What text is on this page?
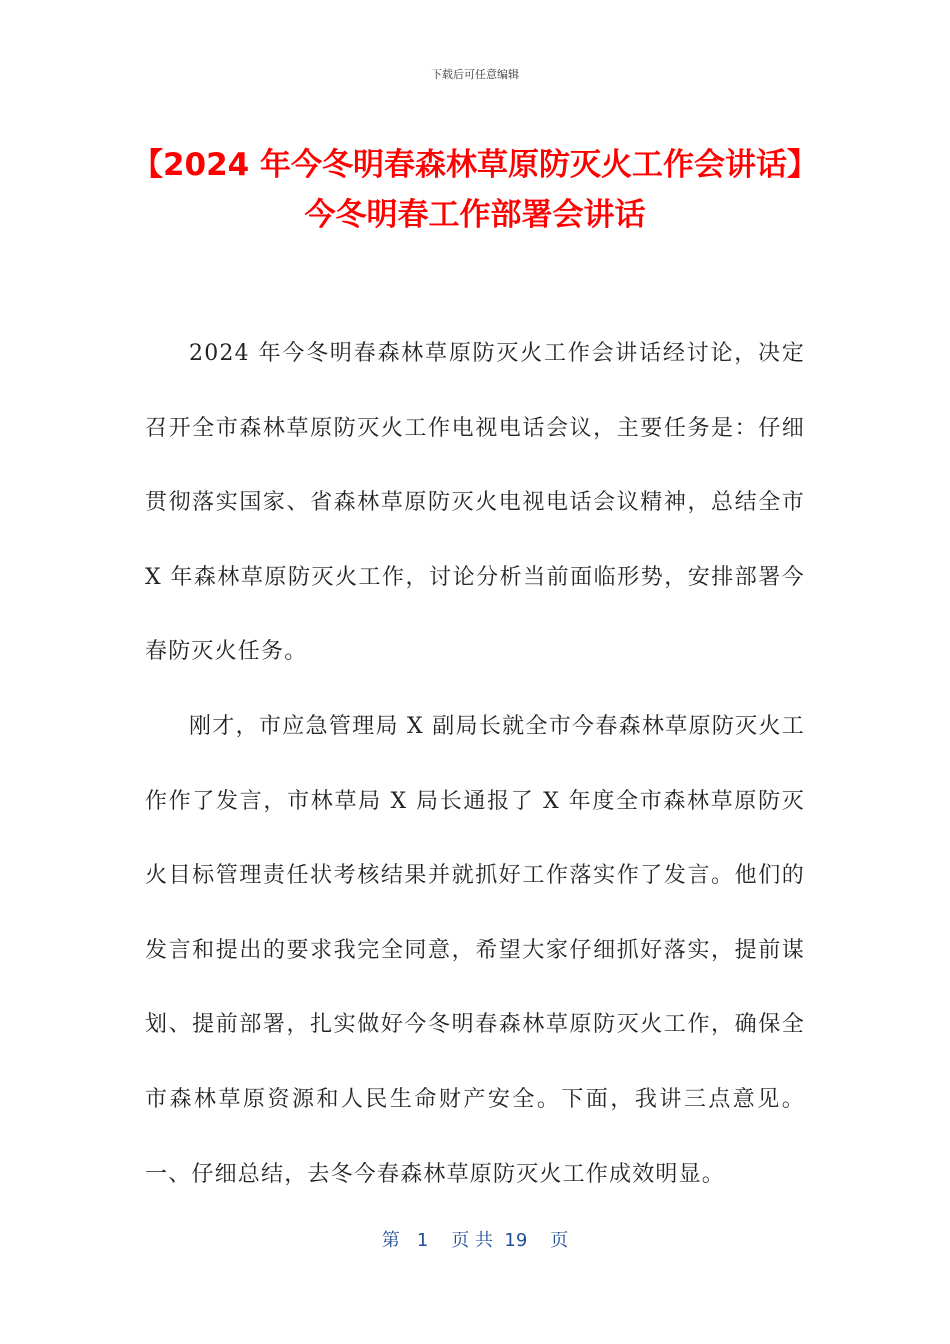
下载后可任意编辑
【2024 年今冬明春森林草原防灭火工作会讲话】 今冬明春工作部署会讲话

2024 年今冬明春森林草原防灭火工作会讲话经讨论，决定召开全市森林草原防灭火工作电视电话会议，主要任务是：仔细贯彻落实国家、省森林草原防灭火电视电话会议精神，总结全市 X 年森林草原防灭火工作，讨论分析当前面临形势，安排部署今春防灭火任务。

刚才，市应急管理局 X 副局长就全市今春森林草原防灭火工作作了发言，市林草局 X 局长通报了 X 年度全市森林草原防灭火目标管理责任状考核结果并就抓好工作落实作了发言。他们的发言和提出的要求我完全同意，希望大家仔细抓好落实，提前谋划、提前部署，扎实做好今冬明春森林草原防灭火工作，确保全市森林草原资源和人民生命财产安全。下面，我讲三点意见。一、仔细总结，去冬今春森林草原防灭火工作成效明显。

第   1    页 共  19    页
